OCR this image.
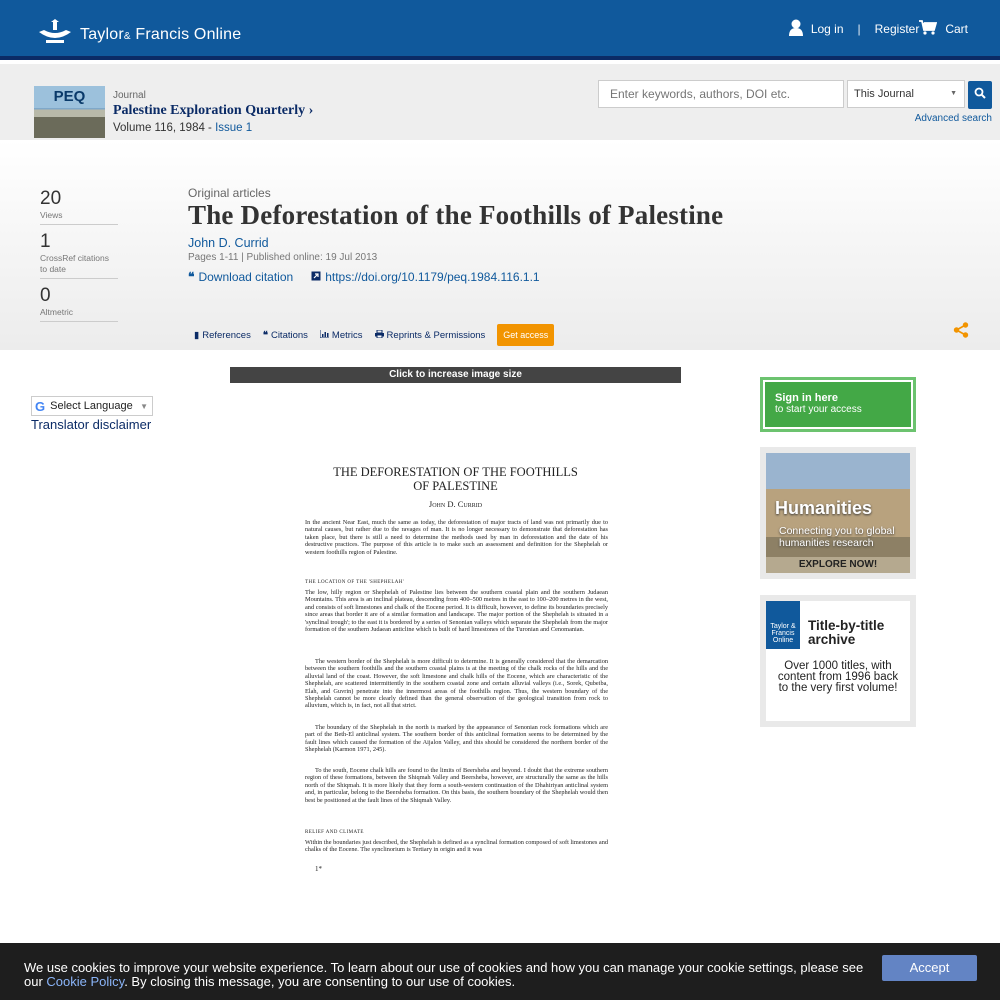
Taylor& Francis Online	Log in | Register Cart
PEQ	Journal
Palestine Exploration Quarterly ›
Volume 116, 1984 - Issue 1
Enter keywords, authors, DOI etc.
This Journal	▼
Advanced search
20
Views
1
CrossRef citations to date
0
Altmetric
Original articles
The Deforestation of the Foothills of Palestine
John D. Currid
Pages 1-11 | Published online: 19 Jul 2013
❝ Download citation	https://doi.org/10.1179/peq.1984.116.1.1
▮ References ❝ Citations	Metrics	Reprints & Permissions	Get access
G Select Language ▼
Translator disclaimer
Click to increase image size
THE DEFORESTATION OF THE FOOTHILLS OF PALESTINE
John D. Currid
In the ancient Near East, much the same as today, the deforestation of major tracts of land was not primarily due to natural causes, but rather due to the ravages of man. It is no longer necessary to demonstrate that deforestation has taken place, but there is still a need to determine the methods used by man in deforestation and the date of his destructive practices. The purpose of this article is to make such an assessment and definition for the Shephelah or western foothills region of Palestine.
THE LOCATION OF THE 'SHEPHELAH'
The low, hilly region or Shephelah of Palestine lies between the southern coastal plain and the southern Judaean Mountains. This area is an inclinal plateau, descending from 400–500 metres in the east to 100–200 metres in the west, and consists of soft limestones and chalk of the Eocene period. It is difficult, however, to define its boundaries precisely since areas that border it are of a similar formation and landscape. The major portion of the Shephelah is situated in a 'synclinal trough'; to the east it is bordered by a series of Senonian valleys which separate the Shephelah from the major formation of the southern Judaean anticline which is built of hard limestones of the Turonian and Cenomanian.
The western border of the Shephelah is more difficult to determine. It is generally considered that the demarcation between the southern foothills and the southern coastal plains is at the meeting of the chalk rocks of the hills and the alluvial land of the coast. However, the soft limestone and chalk hills of the Eocene, which are characteristic of the Shephelah, are scattered intermittently in the southern coastal zone and certain alluvial valleys (i.e., Sorek, Qubeiba, Elah, and Guvrin) penetrate into the innermost areas of the foothills region. Thus, the western boundary of the Shephelah cannot be more clearly defined than the general observation of the geological transition from rock to alluvium, which is, in fact, not all that strict.
The boundary of the Shephelah in the north is marked by the appearance of Senonian rock formations which are part of the Beth-El anticlinal system. The southern border of this anticlinal formation seems to be determined by the fault lines which caused the formation of the Aijalon Valley, and this should be considered the northern border of the Shephelah (Karmon 1971, 245).
To the south, Eocene chalk hills are found to the limits of Beersheba and beyond. I doubt that the extreme southern region of these formations, between the Shiqmah Valley and Beersheba, however, are structurally the same as the hills north of the Shiqmah. It is more likely that they form a south-western continuation of the Dhahiriyan anticlinal system and, in particular, belong to the Beersheba formation. On this basis, the southern boundary of the Shephelah would then best be positioned at the fault lines of the Shiqmah Valley.
RELIEF AND CLIMATE
Within the boundaries just described, the Shephelah is defined as a synclinal formation composed of soft limestones and chalks of the Eocene. The synclinorium is Tertiary in origin and it was
1*
Sign in here
to start your access
Humanities
Connecting you to global
humanities research
EXPLORE NOW!
Taylor & Francis Online
Title-by-title
archive
Over 1000 titles, with content from 1996 back to the very first volume!
We use cookies to improve your website experience. To learn about our use of cookies and how you can manage your cookie settings, please see our Cookie Policy. By closing this message, you are consenting to our use of cookies.
Accept
